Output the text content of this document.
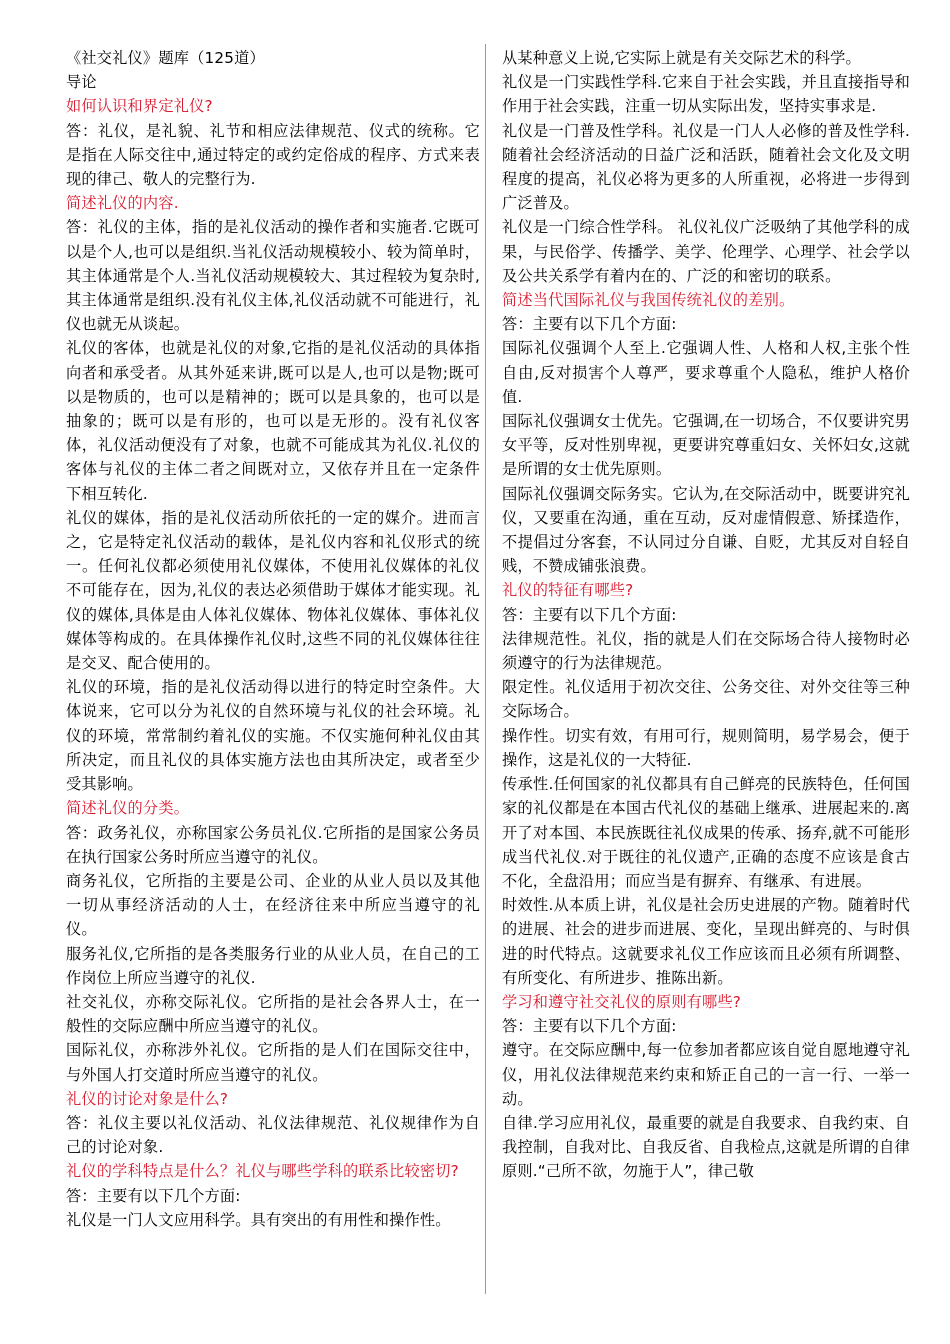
《社交礼仪》题库（125道）

导论

如何认识和界定礼仪?

答：礼仪，是礼貌、礼节和相应法律规范、仪式的统称。它是指在人际交往中,通过特定的或约定俗成的程序、方式来表现的律己、敬人的完整行为.

简述礼仪的内容.

答：礼仪的主体，指的是礼仪活动的操作者和实施者.它既可以是个人,也可以是组织.当礼仪活动规模较小、较为简单时，其主体通常是个人.当礼仪活动规模较大、其过程较为复杂时,其主体通常是组织.没有礼仪主体,礼仪活动就不可能进行，礼仪也就无从谈起。

礼仪的客体，也就是礼仪的对象,它指的是礼仪活动的具体指向者和承受者。从其外延来讲,既可以是人,也可以是物;既可以是物质的，也可以是精神的；既可以是具象的，也可以是抽象的；既可以是有形的，也可以是无形的。没有礼仪客体，礼仪活动便没有了对象，也就不可能成其为礼仪.礼仪的客体与礼仪的主体二者之间既对立，又依存并且在一定条件下相互转化.

礼仪的媒体，指的是礼仪活动所依托的一定的媒介。进而言之，它是特定礼仪活动的载体，是礼仪内容和礼仪形式的统一。任何礼仪都必须使用礼仪媒体，不使用礼仪媒体的礼仪不可能存在，因为,礼仪的表达必须借助于媒体才能实现。礼仪的媒体,具体是由人体礼仪媒体、物体礼仪媒体、事体礼仪媒体等构成的。在具体操作礼仪时,这些不同的礼仪媒体往往是交叉、配合使用的。

礼仪的环境，指的是礼仪活动得以进行的特定时空条件。大体说来，它可以分为礼仪的自然环境与礼仪的社会环境。礼仪的环境，常常制约着礼仪的实施。不仅实施何种礼仪由其所决定，而且礼仪的具体实施方法也由其所决定，或者至少受其影响。

简述礼仪的分类。

答：政务礼仪，亦称国家公务员礼仪.它所指的是国家公务员在执行国家公务时所应当遵守的礼仪。

商务礼仪，它所指的主要是公司、企业的从业人员以及其他一切从事经济活动的人士，在经济往来中所应当遵守的礼仪。

服务礼仪,它所指的是各类服务行业的从业人员，在自己的工作岗位上所应当遵守的礼仪.

社交礼仪，亦称交际礼仪。它所指的是社会各界人士，在一般性的交际应酬中所应当遵守的礼仪。

国际礼仪，亦称涉外礼仪。它所指的是人们在国际交往中，与外国人打交道时所应当遵守的礼仪。

礼仪的讨论对象是什么?

答：礼仪主要以礼仪活动、礼仪法律规范、礼仪规律作为自己的讨论对象.

礼仪的学科特点是什么？礼仪与哪些学科的联系比较密切?

答：主要有以下几个方面:

礼仪是一门人文应用科学。具有突出的有用性和操作性。

从某种意义上说,它实际上就是有关交际艺术的科学。

礼仪是一门实践性学科.它来自于社会实践，并且直接指导和作用于社会实践，注重一切从实际出发，坚持实事求是.

礼仪是一门普及性学科。礼仪是一门人人必修的普及性学科.随着社会经济活动的日益广泛和活跃，随着社会文化及文明程度的提高，礼仪必将为更多的人所重视，必将进一步得到广泛普及。

礼仪是一门综合性学科。 礼仪礼仪广泛吸纳了其他学科的成果，与民俗学、传播学、美学、伦理学、心理学、社会学以及公共关系学有着内在的、广泛的和密切的联系。

简述当代国际礼仪与我国传统礼仪的差别。

答：主要有以下几个方面:

国际礼仪强调个人至上.它强调人性、人格和人权,主张个性自由,反对损害个人尊严，要求尊重个人隐私，维护人格价值.

国际礼仪强调女士优先。它强调,在一切场合，不仅要讲究男女平等，反对性别卑视，更要讲究尊重妇女、关怀妇女,这就是所谓的女士优先原则。

国际礼仪强调交际务实。它认为,在交际活动中，既要讲究礼仪，又要重在沟通，重在互动，反对虚情假意、矫揉造作，不提倡过分客套，不认同过分自谦、自贬，尤其反对自轻自贱，不赞成铺张浪费。

礼仪的特征有哪些?

答：主要有以下几个方面:

法律规范性。礼仪，指的就是人们在交际场合待人接物时必须遵守的行为法律规范。

限定性。礼仪适用于初次交往、公务交往、对外交往等三种交际场合。

操作性。切实有效，有用可行，规则简明，易学易会，便于操作，这是礼仪的一大特征.

传承性.任何国家的礼仪都具有自己鲜亮的民族特色，任何国家的礼仪都是在本国古代礼仪的基础上继承、进展起来的.离开了对本国、本民族既往礼仪成果的传承、扬弃,就不可能形成当代礼仪.对于既往的礼仪遗产,正确的态度不应该是食古不化，全盘沿用；而应当是有摒弃、有继承、有进展。

时效性.从本质上讲，礼仪是社会历史进展的产物。随着时代的进展、社会的进步而进展、变化，呈现出鲜亮的、与时俱进的时代特点。这就要求礼仪工作应该而且必须有所调整、有所变化、有所进步、推陈出新。

学习和遵守社交礼仪的原则有哪些?

答：主要有以下几个方面:

遵守。在交际应酬中,每一位参加者都应该自觉自愿地遵守礼仪，用礼仪法律规范来约束和矫正自己的一言一行、一举一动。

自律.学习应用礼仪，最重要的就是自我要求、自我约束、自我控制，自我对比、自我反省、自我检点,这就是所谓的自律原则.“己所不欲，勿施于人”，律己敬
